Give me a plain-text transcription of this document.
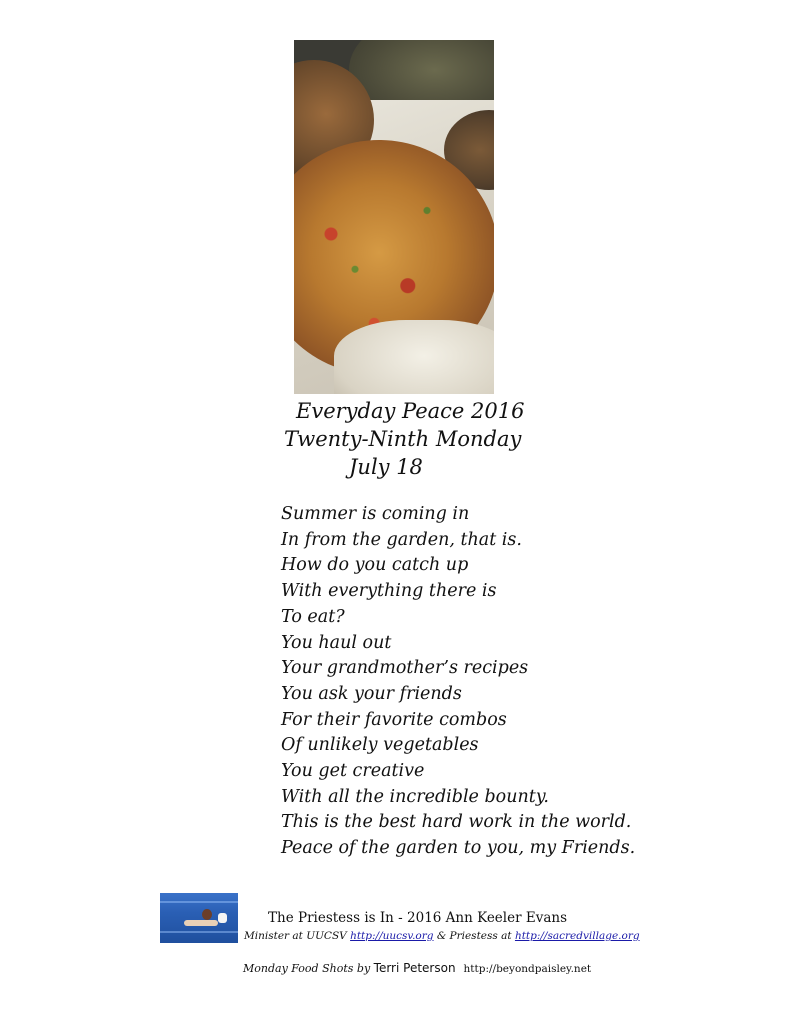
Everyday Peace 2016
Twenty-Ninth Monday
July 18
Summer is coming in
In from the garden, that is.
How do you catch up
With everything there is
To eat?
You haul out
Your grandmother’s recipes
You ask your friends
For their favorite combos
Of unlikely vegetables
You get creative
With all the incredible bounty.
This is the best hard work in the world.
Peace of the garden to you, my Friends.
The Priestess is In - 2016 Ann Keeler Evans
Minister at UUCSV http://uucsv.org & Priestess at http://sacredvillage.org
Monday Food Shots by Terri Peterson http://beyondpaisley.net
